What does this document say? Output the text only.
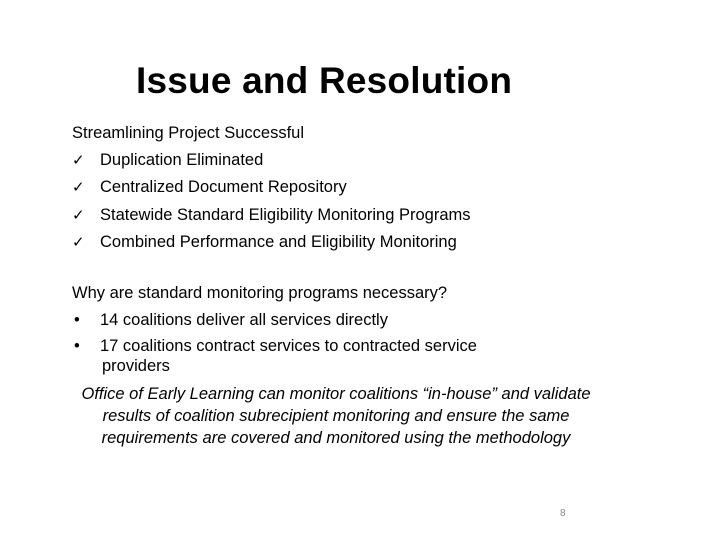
Issue and Resolution
Streamlining Project Successful
✓ Duplication Eliminated
✓ Centralized Document Repository
✓ Statewide Standard Eligibility Monitoring Programs
✓ Combined Performance and Eligibility Monitoring
Why are standard monitoring programs necessary?
•	14 coalitions deliver all services directly
•	17 coalitions contract services to contracted service
providers
Office of Early Learning can monitor coalitions “in-house” and validate results of coalition subrecipient monitoring and ensure the same requirements are covered and monitored using the methodology
8
